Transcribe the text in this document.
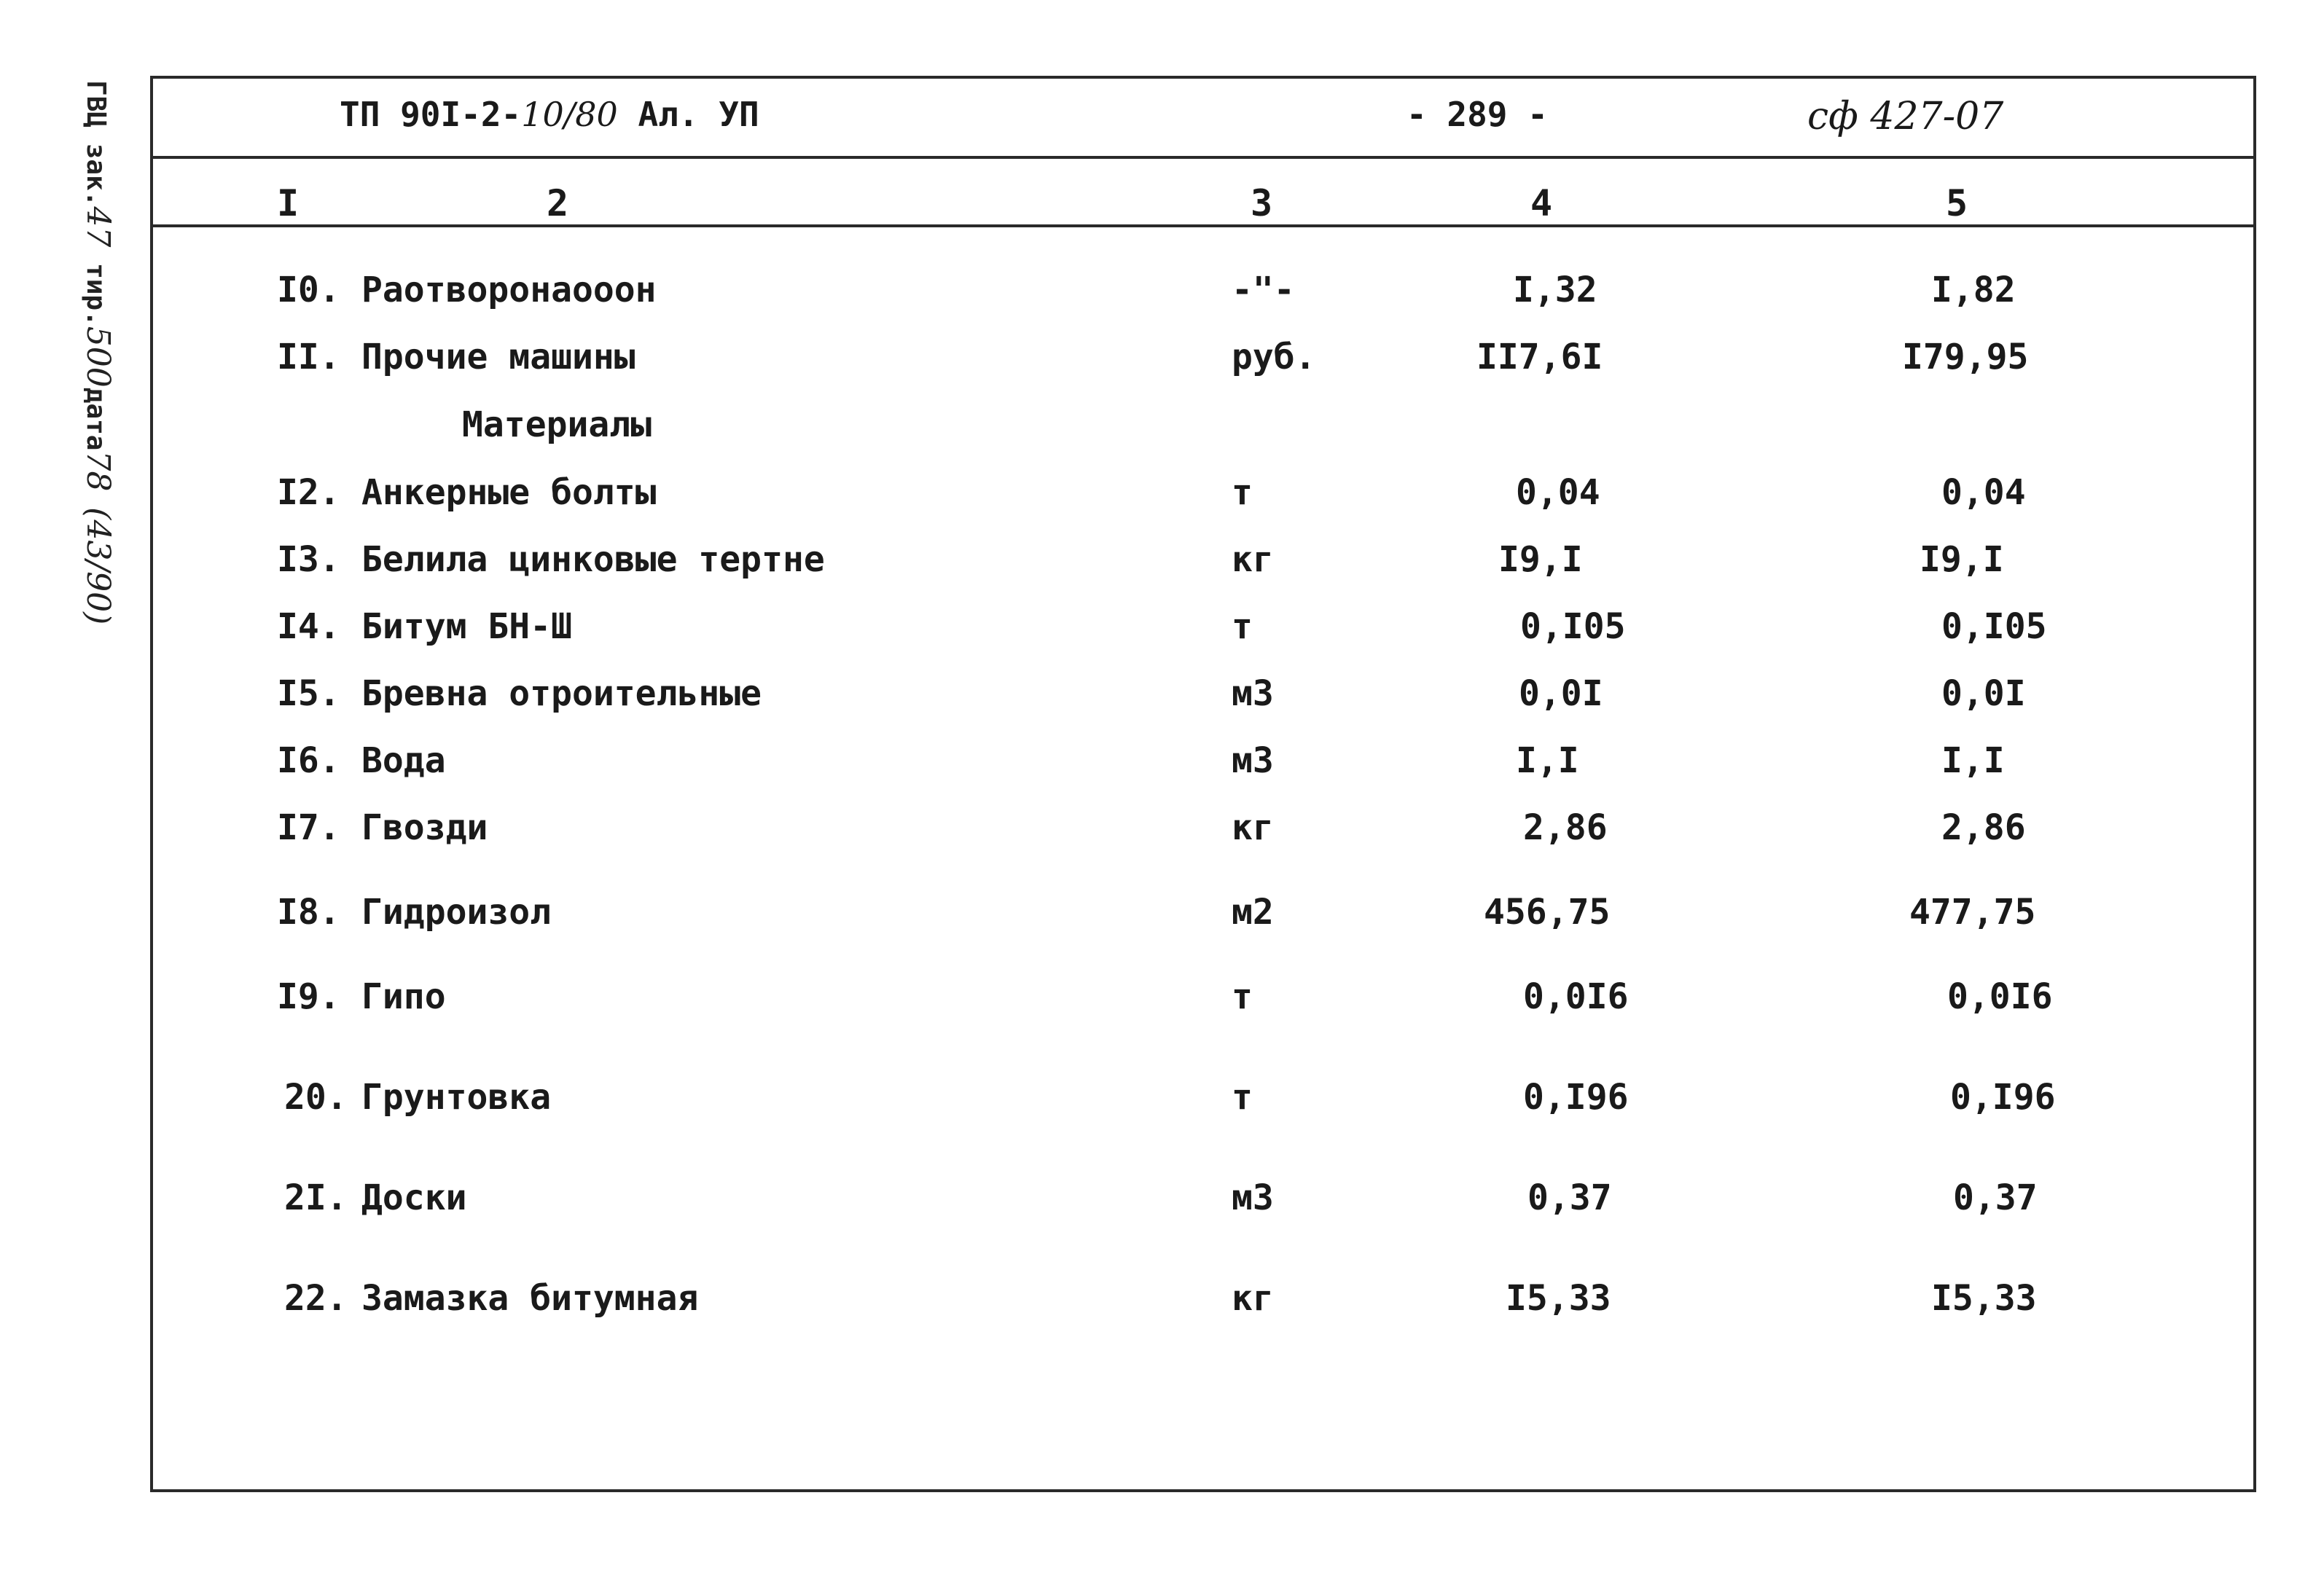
ГВЦ зак.47 тир.500дата78 (43/90)
ТП 90I-2-10/80 Ал. УП	- 289 -	сф 427-07
I	2	3	4	5
I0. Раотворонаооон	-"-	I,32	I,82
II. Прочие машины	руб.	II7,6I	I79,95
Материалы
I2. Анкерные болты	т	0,04	0,04
I3. Белила цинковые тертне	кг	I9,I	I9,I
I4. Битум БН-Ш	т	0,I05	0,I05
I5. Бревна отроительные	м3	0,0I	0,0I
I6. Вода	м3	I,I	I,I
I7. Гвозди	кг	2,86	2,86
I8. Гидроизол	м2	456,75	477,75
I9. Гипо	т	0,0I6	0,0I6
20. Грунтовка	т	0,I96	0,I96
2I. Доски	м3	0,37	0,37
22. Замазка битумная	кг	I5,33	I5,33
